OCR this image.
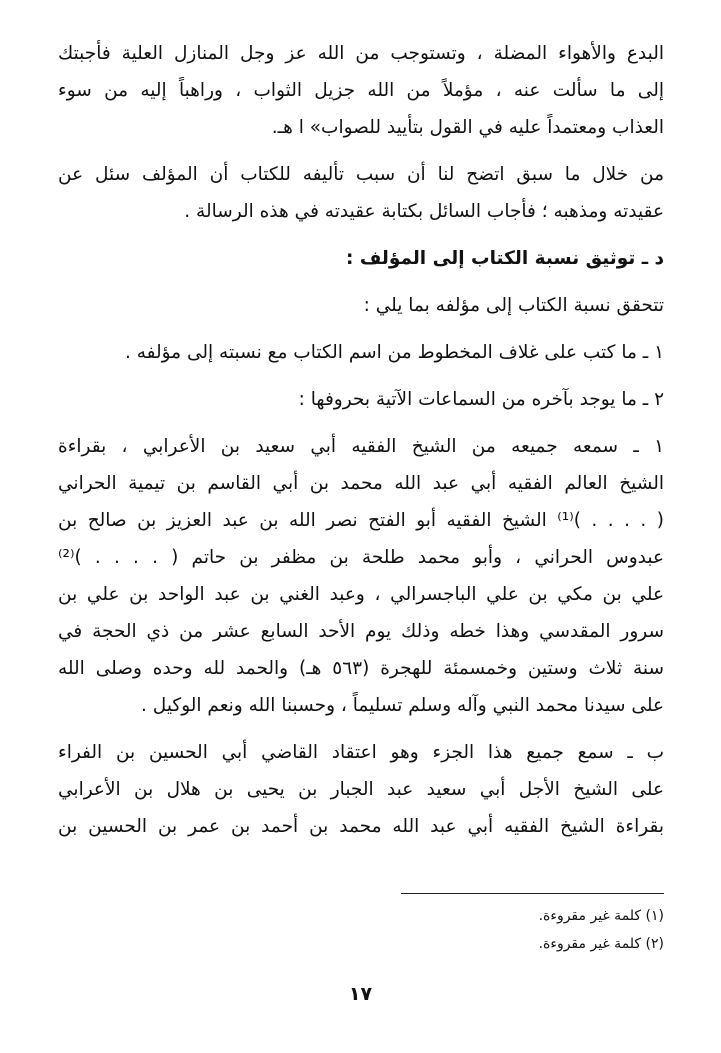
البدع والأهواء المضلة ، وتستوجب من الله عز وجل المنازل العلية فأجبتك
إلى ما سألت عنه ، مؤملاً من الله جزيل الثواب ، وراهباً إليه من سوء
العذاب ومعتمداً عليه في القول بتأييد للصواب» ا هـ.
من خلال ما سبق اتضح لنا أن سبب تأليفه للكتاب أن المؤلف سئل عن
عقيدته ومذهبه ؛ فأجاب السائل بكتابة عقيدته في هذه الرسالة .
د ـ توثيق نسبة الكتاب إلى المؤلف :
تتحقق نسبة الكتاب إلى مؤلفه بما يلي :
١ ـ ما كتب على غلاف المخطوط من اسم الكتاب مع نسبته إلى مؤلفه .
٢ ـ ما يوجد بآخره من السماعات الآتية بحروفها :
١ ـ سمعه جميعه من الشيخ الفقيه أبي سعيد بن الأعرابي ، بقراءة
الشيخ العالم الفقيه أبي عبد الله محمد بن أبي القاسم بن تيمية الحراني
( . . . . )⁽¹⁾ الشيخ الفقيه أبو الفتح نصر الله بن عبد العزيز بن صالح بن
عبدوس الحراني ، وأبو محمد طلحة بن مظفر بن حاتم ( . . . . )⁽²⁾
علي بن مكي بن علي الباجسرالي ، وعبد الغني بن عبد الواحد بن علي بن
سرور المقدسي وهذا خطه وذلك يوم الأحد السابع عشر من ذي الحجة في
سنة ثلاث وستين وخمسمئة للهجرة (٥٦٣ هـ) والحمد لله وحده وصلى الله
على سيدنا محمد النبي وآله وسلم تسليماً ، وحسبنا الله ونعم الوكيل .
ب ـ سمع جميع هذا الجزء وهو اعتقاد القاضي أبي الحسين بن الفراء
على الشيخ الأجل أبي سعيد عبد الجبار بن يحيى بن هلال بن الأعرابي
بقراءة الشيخ الفقيه أبي عبد الله محمد بن أحمد بن عمر بن الحسين بن
(١) كلمة غير مقروءة.
(٢) كلمة غير مقروءة.
١٧
